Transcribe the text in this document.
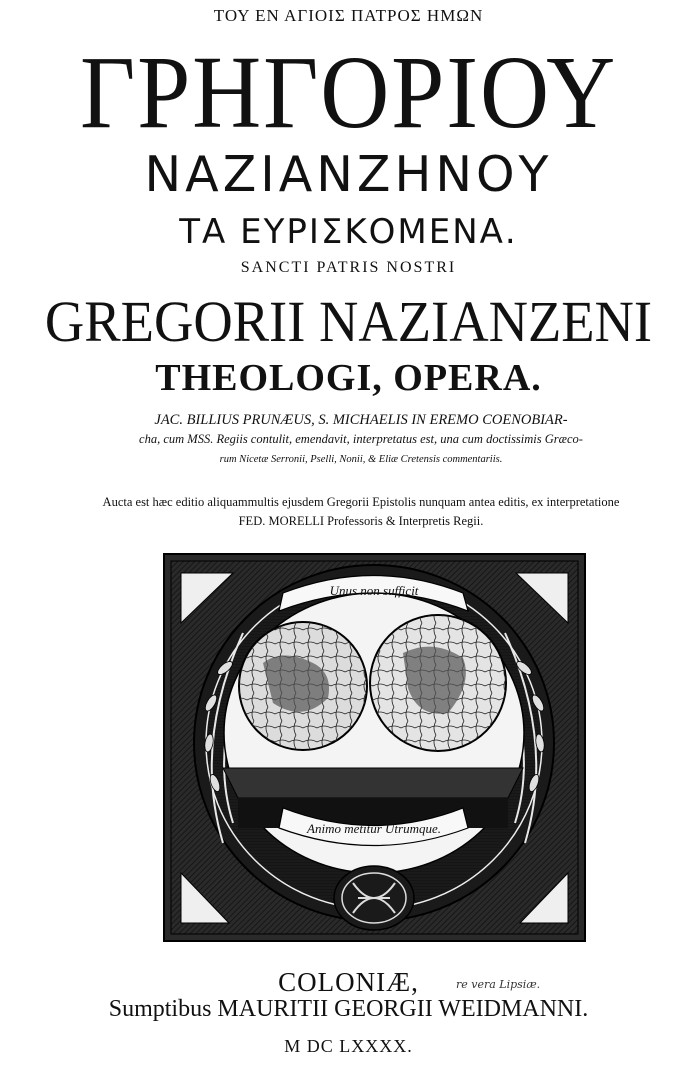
ΤΟΥ ΕΝ ΑΓΙΟΙΣ ΠΑΤΡΟΣ ΗΜΩΝ
ΓΡΗΓΟΡΙΟΥ
ΝΑΖΙΑΝΖΗΝΟΥ
ΤΑ ΕΥΡΙΣΚΟΜΕΝΑ.
SANCTI PATRIS NOSTRI
GREGORII NAZIANZENI
THEOLOGI, OPERA.
JAC. BILLIUS PRUNÆUS, S. MICHAELIS IN EREMO COENOBIAR-
cha, cum MSS. Regiis contulit, emendavit, interpretatus est, una cum doctissimis Græco-
rum Nicetæ Serronii, Pselli, Nonii, & Eliæ Cretensis commentariis.
Aucta est hæc editio aliquammultis ejusdem Gregorii Epistolis nunquam antea editis, ex interpretatione
FED. MORELLI Professoris & Interpretis Regii.
Unus non sufficit
Animo metitur Utrumque.
COLONIÆ,	re vera Lipsiæ.
Sumptibus MAURITII GEORGII WEIDMANNI.
M DC LXXXX.
